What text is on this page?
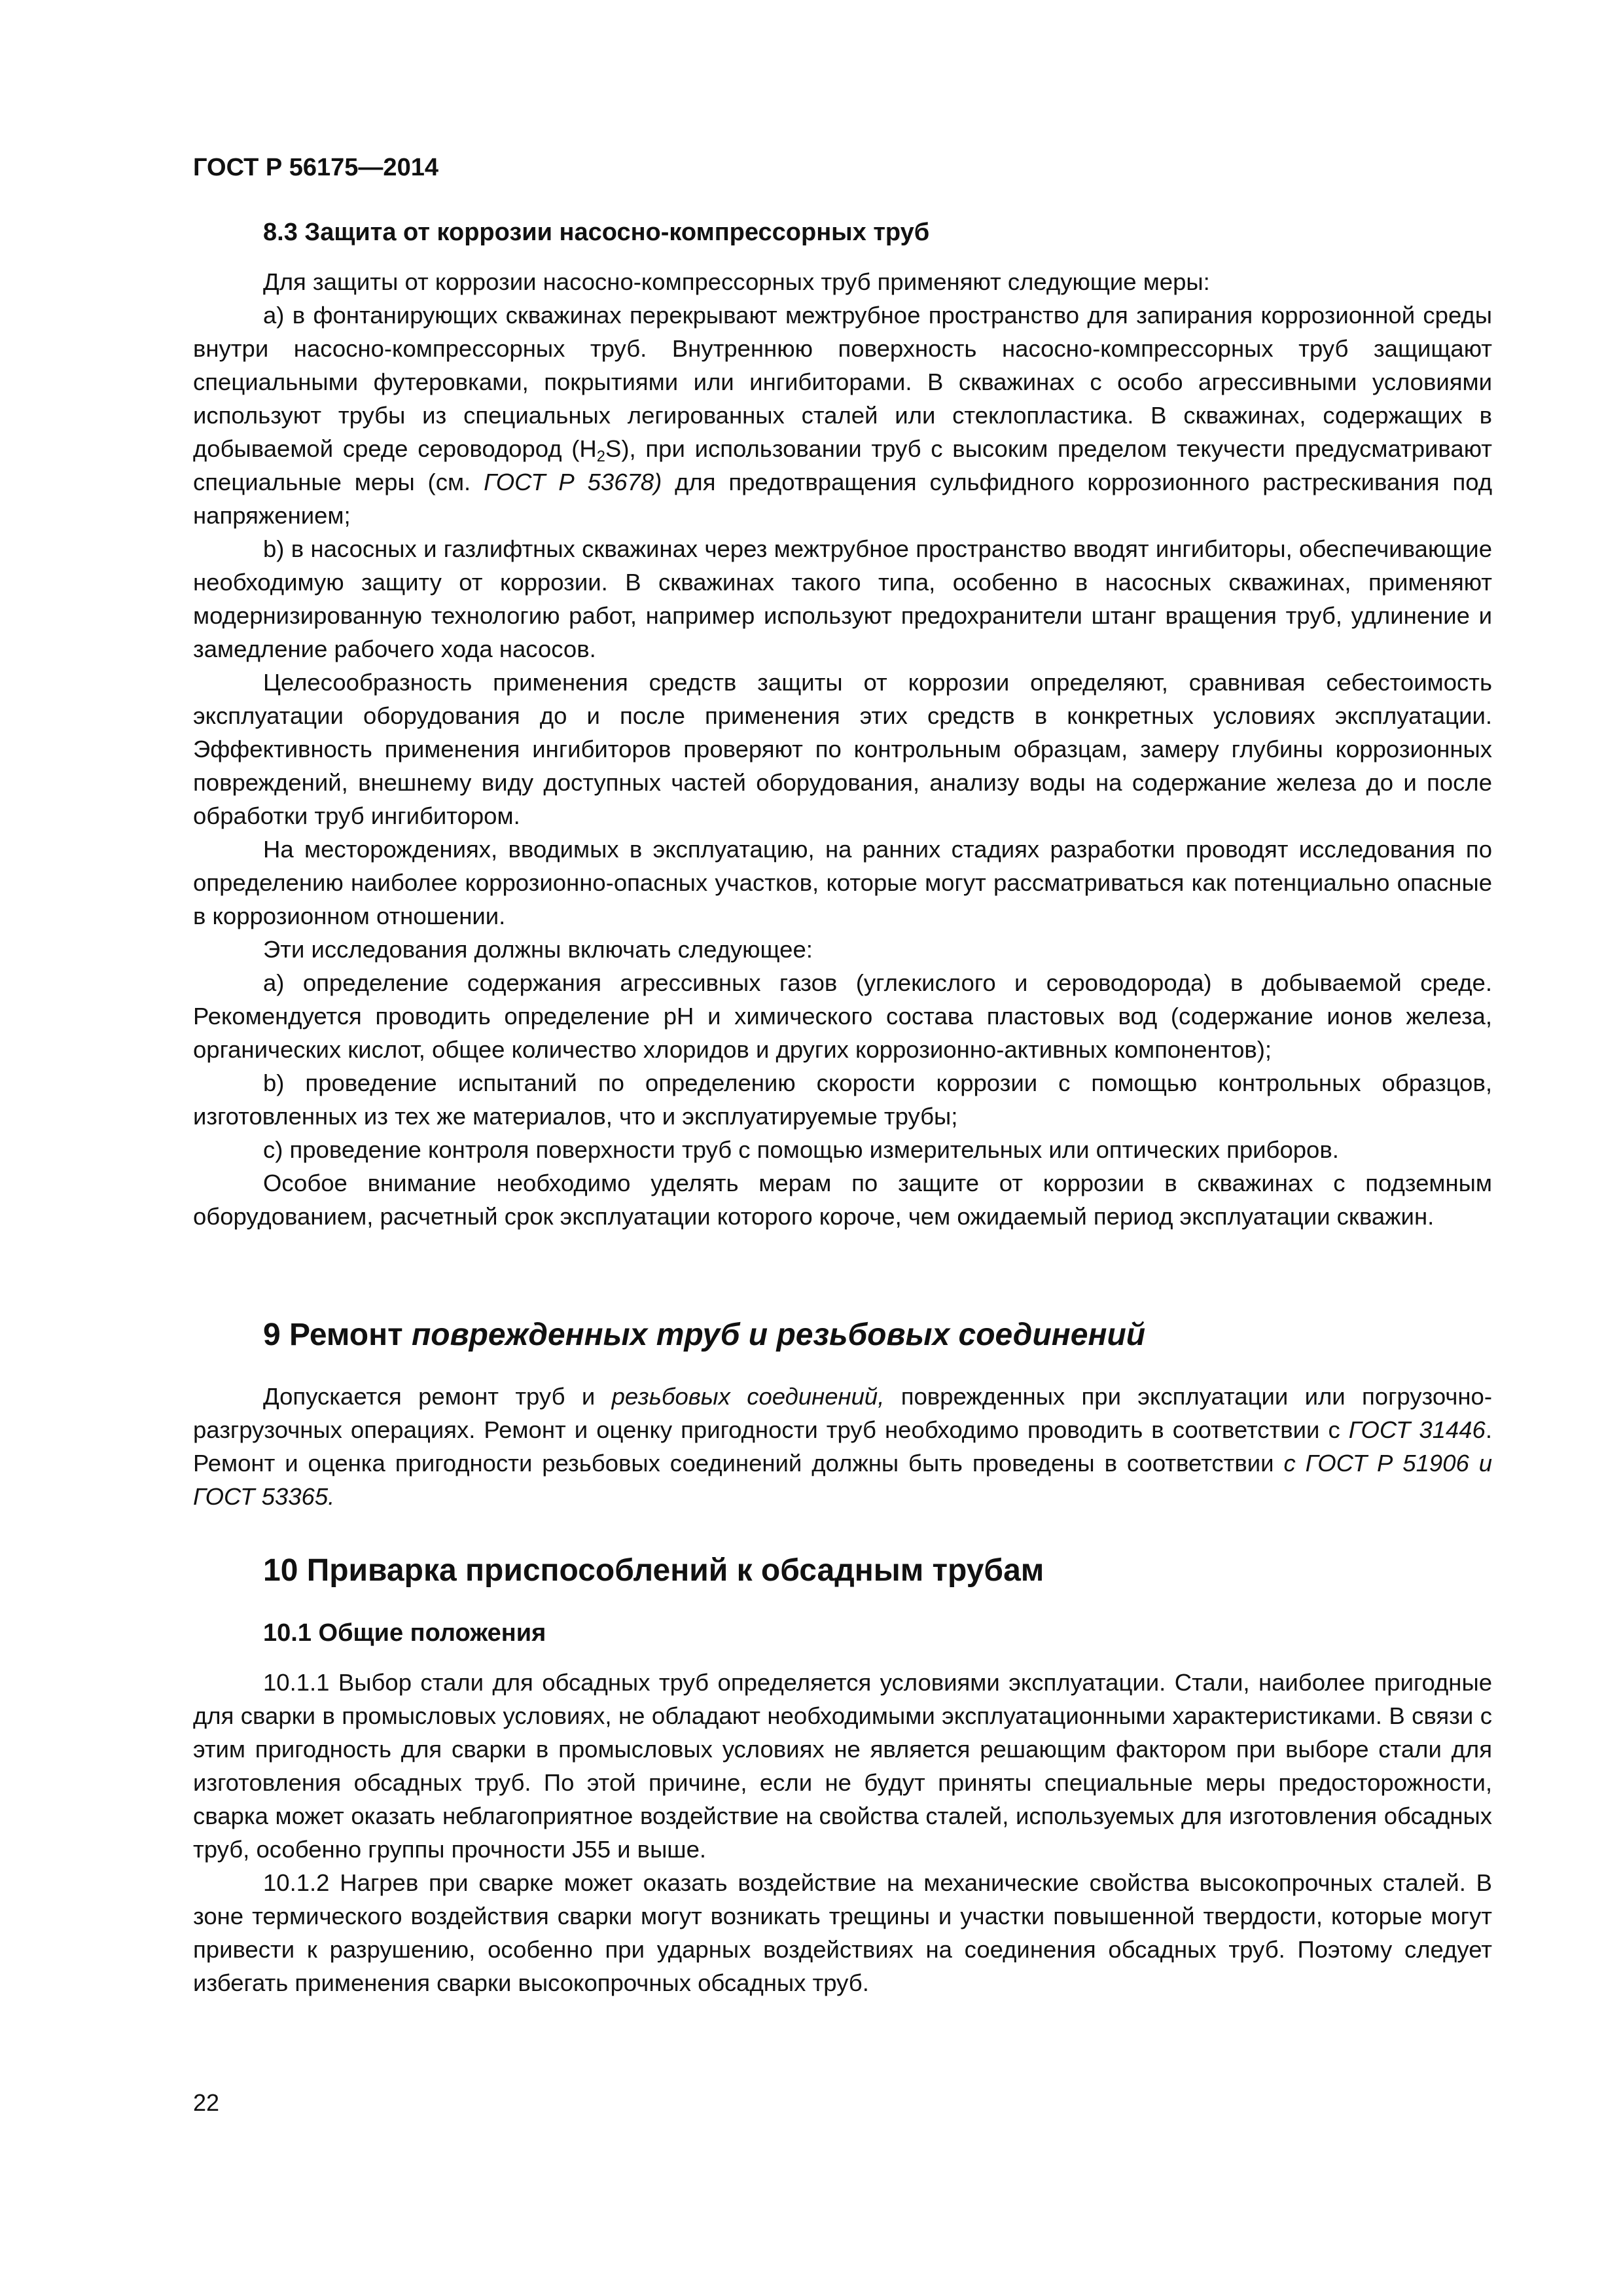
ГОСТ Р 56175—2014
8.3 Защита от коррозии насосно-компрессорных труб

Для защиты от коррозии насосно-компрессорных труб применяют следующие меры:

а) в фонтанирующих скважинах перекрывают межтрубное пространство для запирания коррозионной среды внутри насосно-компрессорных труб. Внутреннюю поверхность насосно-компрессорных труб защищают специальными футеровками, покрытиями или ингибиторами. В скважинах с особо агрессивными условиями используют трубы из специальных легированных сталей или стеклопластика. В скважинах, содержащих в добываемой среде сероводород $(H_2S)$, при использовании труб с высоким пределом текучести предусматривают специальные меры (см. ГОСТ Р 53678) для предотвращения сульфидного коррозионного растрескивания под напряжением;

b) в насосных и газлифтных скважинах через межтрубное пространство вводят ингибиторы, обеспечивающие необходимую защиту от коррозии. В скважинах такого типа, особенно в насосных скважинах, применяют модернизированную технологию работ, например используют предохранители штанг вращения труб, удлинение и замедление рабочего хода насосов.

Целесообразность применения средств защиты от коррозии определяют, сравнивая себестоимость эксплуатации оборудования до и после применения этих средств в конкретных условиях эксплуатации. Эффективность применения ингибиторов проверяют по контрольным образцам, замеру глубины коррозионных повреждений, внешнему виду доступных частей оборудования, анализу воды на содержание железа до и после обработки труб ингибитором.

На месторождениях, вводимых в эксплуатацию, на ранних стадиях разработки проводят исследования по определению наиболее коррозионно-опасных участков, которые могут рассматриваться как потенциально опасные в коррозионном отношении.

Эти исследования должны включать следующее:

а) определение содержания агрессивных газов (углекислого и сероводорода) в добываемой среде. Рекомендуется проводить определение pH и химического состава пластовых вод (содержание ионов железа, органических кислот, общее количество хлоридов и других коррозионно-активных компонентов);

b) проведение испытаний по определению скорости коррозии с помощью контрольных образцов, изготовленных из тех же материалов, что и эксплуатируемые трубы;

c) проведение контроля поверхности труб с помощью измерительных или оптических приборов.

Особое внимание необходимо уделять мерам по защите от коррозии в скважинах с подземным оборудованием, расчетный срок эксплуатации которого короче, чем ожидаемый период эксплуатации скважин.

9 Ремонт поврежденных труб и резьбовых соединений

Допускается ремонт труб и резьбовых соединений, поврежденных при эксплуатации или погрузочно-разгрузочных операциях. Ремонт и оценку пригодности труб необходимо проводить в соответствии с ГОСТ 31446. Ремонт и оценка пригодности резьбовых соединений должны быть проведены в соответствии с ГОСТ Р 51906 и ГОСТ 53365.

10 Приварка приспособлений к обсадным трубам
10.1 Общие положения

10.1.1 Выбор стали для обсадных труб определяется условиями эксплуатации. Стали, наиболее пригодные для сварки в промысловых условиях, не обладают необходимыми эксплуатационными характеристиками. В связи с этим пригодность для сварки в промысловых условиях не является решающим фактором при выборе стали для изготовления обсадных труб. По этой причине, если не будут приняты специальные меры предосторожности, сварка может оказать неблагоприятное воздействие на свойства сталей, используемых для изготовления обсадных труб, особенно группы прочности J55 и выше.

10.1.2 Нагрев при сварке может оказать воздействие на механические свойства высокопрочных сталей. В зоне термического воздействия сварки могут возникать трещины и участки повышенной твердости, которые могут привести к разрушению, особенно при ударных воздействиях на соединения обсадных труб. Поэтому следует избегать применения сварки высокопрочных обсадных труб.

22
